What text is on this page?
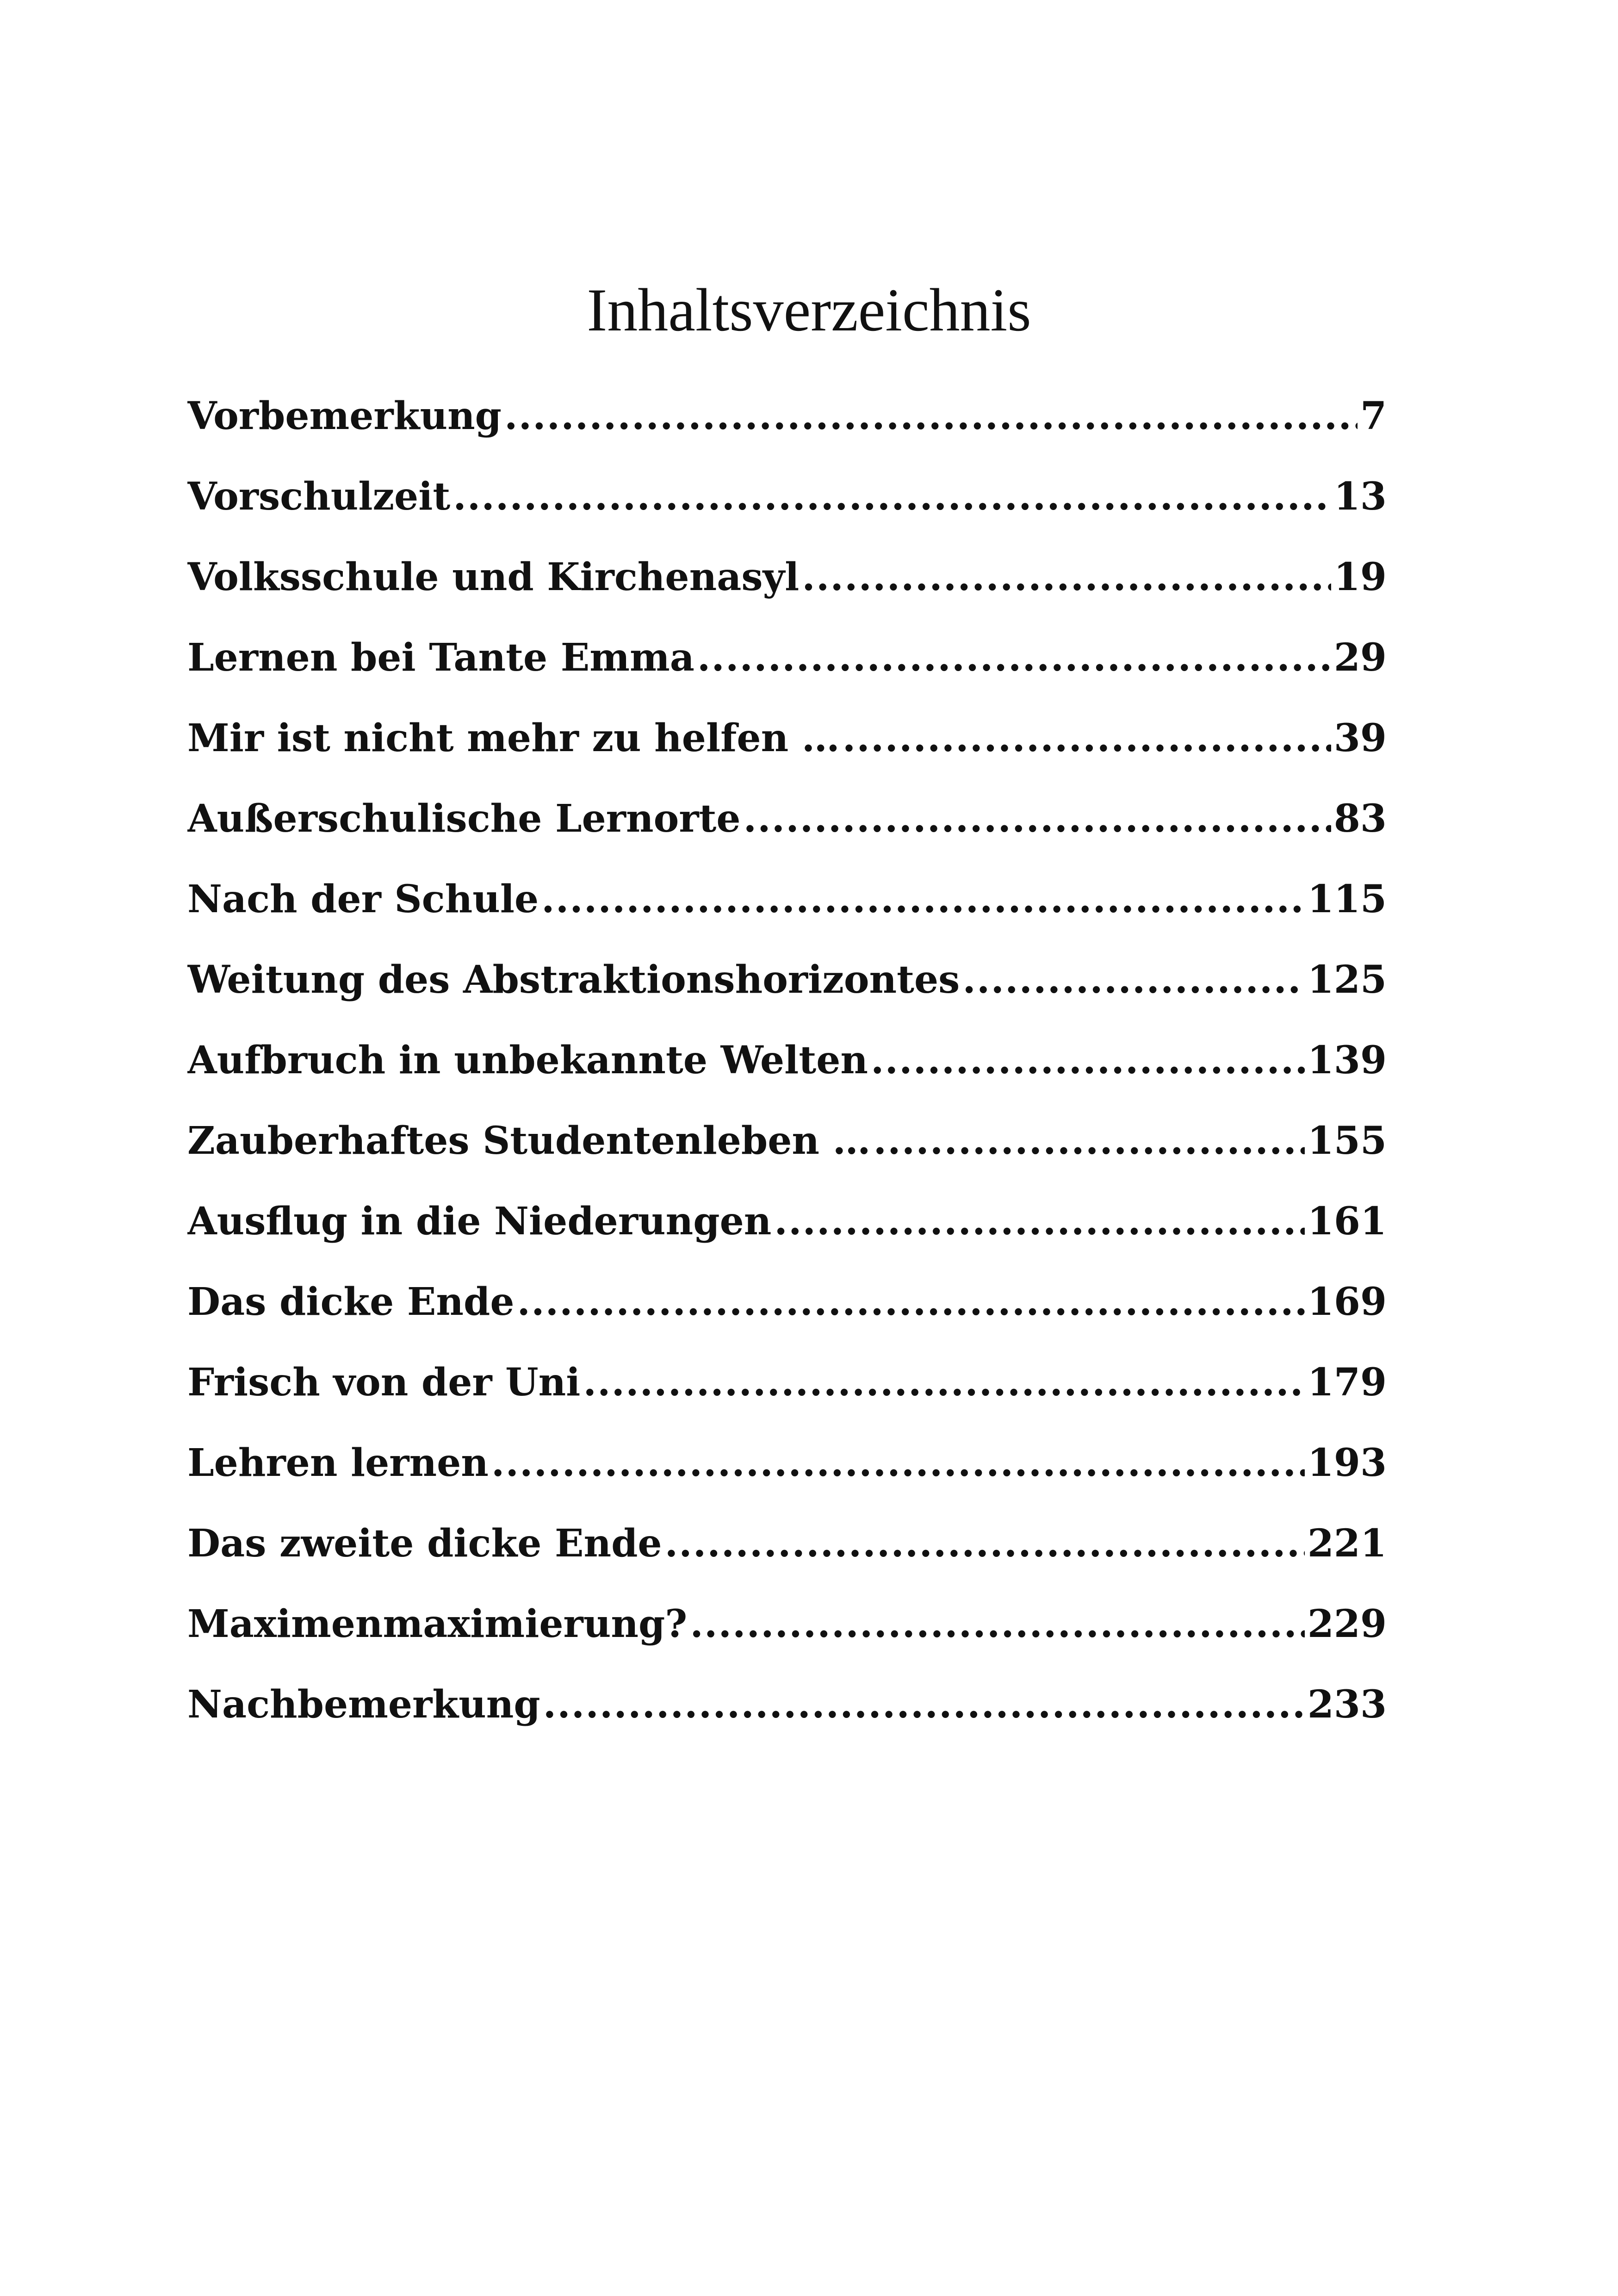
Inhaltsverzeichnis
Vorbemerkung .....	7
Vorschulzeit .....	13
Volksschule und Kirchenasyl .....	19
Lernen bei Tante Emma .....	29
Mir ist nicht mehr zu helfen … .....	39
Außerschulische Lernorte .....	83
Nach der Schule .....	115
Weitung des Abstraktionshorizontes .....	125
Aufbruch in unbekannte Welten .....	139
Zauberhaftes Studentenleben … .....	155
Ausflug in die Niederungen .....	161
Das dicke Ende .....	169
Frisch von der Uni .....	179
Lehren lernen .....	193
Das zweite dicke Ende .....	221
Maximenmaximierung? .....	229
Nachbemerkung .....	233
